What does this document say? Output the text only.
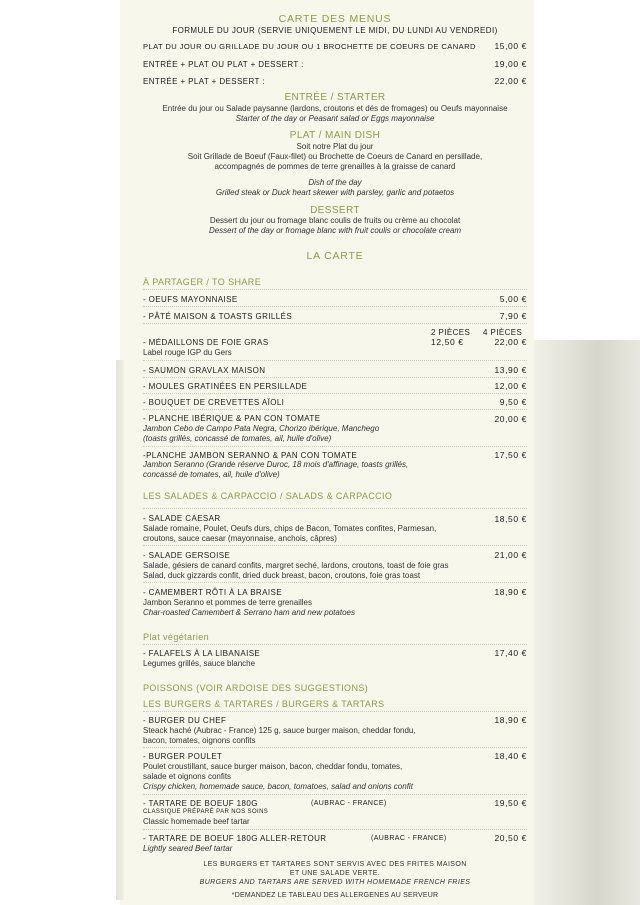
CARTE DES MENUS
FORMULE DU JOUR (SERVIE UNIQUEMENT LE MIDI, DU LUNDI AU VENDREDI)
PLAT DU JOUR OU GRILLADE DU JOUR OU 1 BROCHETTE DE COEURS DE CANARD 15,00 €
ENTRÉE + PLAT OU PLAT + DESSERT :	19,00 €
ENTRÉE + PLAT + DESSERT :	22,00 €
ENTRÉE / STARTER
Entrée du jour ou Salade paysanne (lardons, croutons et dés de fromages) ou Oeufs mayonnaise
Starter of the day or Peasant salad or Eggs mayonnaise
PLAT / MAIN DISH
Soit notre Plat du jour
Soit Grillade de Boeuf (Faux-filet) ou Brochette de Coeurs de Canard en persillade,
accompagnés de pommes de terre grenailles à la graisse de canard
Dish of the day
Grilled steak or Duck heart skewer with parsley, garlic and potaetos
DESSERT
Dessert du jour ou fromage blanc coulis de fruits ou crème au chocolat
Dessert of the day or fromage blanc with fruit coulis or chocolate cream
LA CARTE
À PARTAGER / TO SHARE
- OEUFS MAYONNAISE	5,00 €
- PÂTÉ MAISON & TOASTS GRILLÉS	7,90 €
2 PIÈCES 4 PIÈCES
- MÉDAILLONS DE FOIE GRAS	12,50 €	22,00 €
Label rouge IGP du Gers
- SAUMON GRAVLAX MAISON	13,90 €
- MOULES GRATINÉES EN PERSILLADE	12,00 €
- BOUQUET DE CREVETTES AÏOLI	9,50 €
- PLANCHE IBÉRIQUE & PAN CON TOMATE	20,00 €
Jambon Cebo de Campo Pata Negra, Chorizo ibérique, Manchego
(toasts grillés, concassé de tomates, ail, huile d'olive)
-PLANCHE JAMBON SERANNO & PAN CON TOMATE	17,50 €
Jambon Seranno (Grande réserve Duroc, 18 mois d'affinage, toasts grillés,
concassé de tomates, ail, huile d'olive)
LES SALADES & CARPACCIO / SALADS & CARPACCIO
- SALADE CAESAR	18,50 €
Salade romaine, Poulet, Oeufs durs, chips de Bacon, Tomates confites, Parmesan,
croutons, sauce caesar (mayonnaise, anchois, câpres)
- SALADE GERSOISE	21,00 €
Salade, gésiers de canard confits, margret seché, lardons, croutons, toast de foie gras
Salad, duck gizzards confit, dried duck breast, bacon, croutons, foie gras toast
- CAMEMBERT RÔTI À LA BRAISE	18,90 €
Jambon Seranno et pommes de terre grenailles
Char-roasted Camembert & Serrano ham and new potatoes
Plat végétarien
- FALAFELS À LA LIBANAISE	17,40 €
Legumes grillés, sauce blanche
POISSONS (VOIR ARDOISE DES SUGGESTIONS)
LES BURGERS & TARTARES / BURGERS & TARTARS
- BURGER DU CHEF	18,90 €
Steack haché (Aubrac - France) 125 g, sauce burger maison, cheddar fondu,
bacon, tomates, oignons confits
- BURGER POULET	18,40 €
Poulet croustillant, sauce burger maison, bacon, cheddar fondu, tomates,
salade et oignons confits
Crispy chicken, homemade sauce, bacon, tomatoes, salad and onions confit
- TARTARE DE BOEUF 180G	(AUBRAC - FRANCE)	19,50 €
CLASSIQUE PRÉPARÉ PAR NOS SOINS
Classic homemade beef tartar
- TARTARE DE BOEUF 180G ALLER-RETOUR	(AUBRAC - FRANCE)	20,50 €
Lightly seared Beef tartar
LES BURGERS ET TARTARES SONT SERVIS AVEC DES FRITES MAISON
ET UNE SALADE VERTE.
BURGERS AND TARTARS ARE SERVED WITH HOMEMADE FRENCH FRIES
*DEMANDEZ LE TABLEAU DES ALLERGENES AU SERVEUR
